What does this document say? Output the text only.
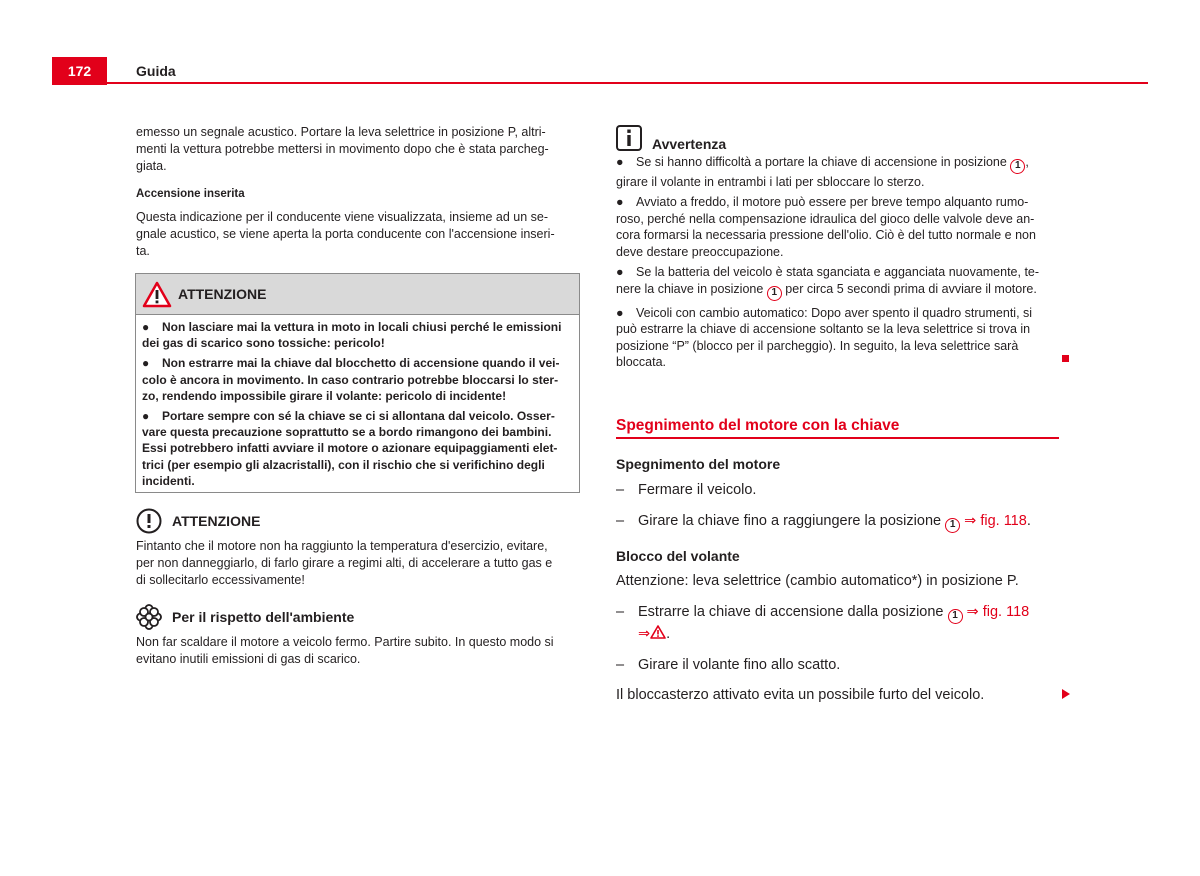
172	Guida

emesso un segnale acustico. Portare la leva selettrice in posizione P, altri-

menti la vettura potrebbe mettersi in movimento dopo che è stata parcheg-

giata.

Accensione inserita

Questa indicazione per il conducente viene visualizzata, insieme ad un se-

gnale acustico, se viene aperta la porta conducente con l'accensione inseri-

ta.

ATTENZIONE

● Non lasciare mai la vettura in moto in locali chiusi perché le emissioni
dei gas di scarico sono tossiche: pericolo!

● Non estrarre mai la chiave dal blocchetto di accensione quando il vei-
colo è ancora in movimento. In caso contrario potrebbe bloccarsi lo ster-
zo, rendendo impossibile girare il volante: pericolo di incidente!

● Portare sempre con sé la chiave se ci si allontana dal veicolo. Osser-
vare questa precauzione soprattutto se a bordo rimangono dei bambini.
Essi potrebbero infatti avviare il motore o azionare equipaggiamenti elet-
trici (per esempio gli alzacristalli), con il rischio che si verifichino degli
incidenti.

ATTENZIONE

Fintanto che il motore non ha raggiunto la temperatura d'esercizio, evitare,

per non danneggiarlo, di farlo girare a regimi alti, di accelerare a tutto gas e

di sollecitarlo eccessivamente!

Per il rispetto dell'ambiente

Non far scaldare il motore a veicolo fermo. Partire subito. In questo modo si

evitano inutili emissioni di gas di scarico.

Avvertenza

● Se si hanno difficoltà a portare la chiave di accensione in posizione 1 ,
girare il volante in entrambi i lati per sbloccare lo sterzo.

● Avviato a freddo, il motore può essere per breve tempo alquanto rumo-
roso, perché nella compensazione idraulica del gioco delle valvole deve an-
cora formarsi la necessaria pressione dell'olio. Ciò è del tutto normale e non
deve destare preoccupazione.

● Se la batteria del veicolo è stata sganciata e agganciata nuovamente, te-
nere la chiave in posizione 1 per circa 5 secondi prima di avviare il motore.

● Veicoli con cambio automatico: Dopo aver spento il quadro strumenti, si
può estrarre la chiave di accensione soltanto se la leva selettrice si trova in
posizione “P” (blocco per il parcheggio). In seguito, la leva selettrice sarà
bloccata.

Spegnimento del motore con la chiave
Spegnimento del motore

– Fermare il veicolo.

– Girare la chiave fino a raggiungere la posizione 1 ⇒ fig. 118.

Blocco del volante

Attenzione: leva selettrice (cambio automatico*) in posizione P.

– Estrarre la chiave di accensione dalla posizione 1 ⇒ fig. 118

⇒ .

– Girare il volante fino allo scatto.

Il bloccasterzo attivato evita un possibile furto del veicolo.
